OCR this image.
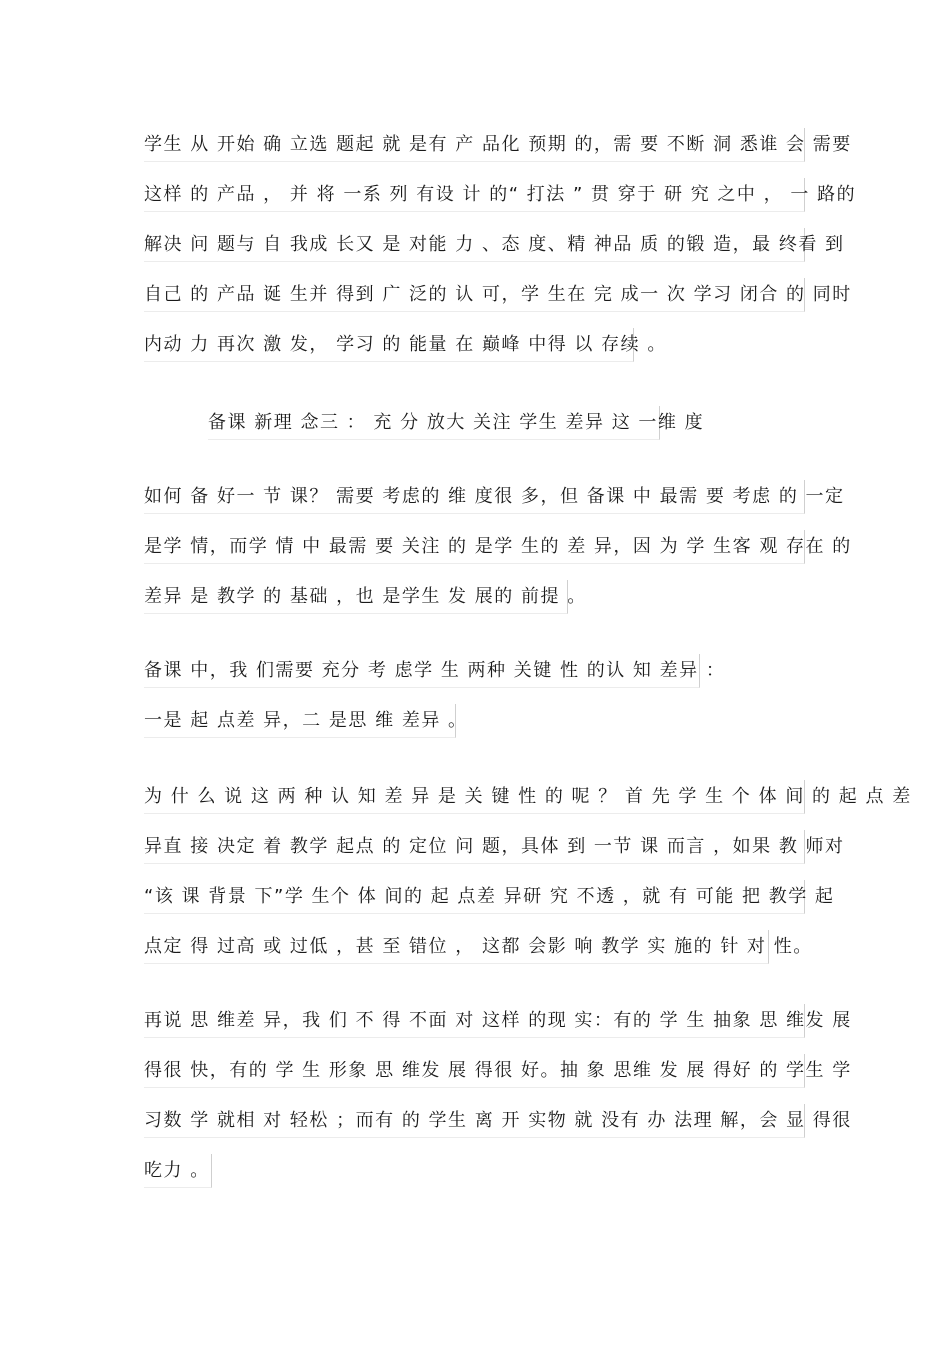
学生 从 开始 确 立选 题起 就 是有 产 品化 预期 的，需 要 不断 洞 悉谁 会 需要
这样 的 产品 ， 并 将 一系 列 有设 计 的“ 打法 ” 贯 穿于 研 究 之中 ， 一 路的
解决 问 题与 自 我成 长又 是 对能 力 、态 度、精 神品 质 的锻 造，最 终看 到
自己 的 产品 诞 生并 得到 广 泛的 认 可，学 生在 完 成一 次 学习 闭合 的 同时
内动 力 再次 激 发， 学习 的 能量 在 巅峰 中得 以 存续 。
备课 新理 念三 ： 充 分 放大 关注 学生 差异 这 一维 度
如何 备 好一 节 课？ 需要 考虑的 维 度很 多，但 备课 中 最需 要 考虑 的 一定
是学 情，而学 情 中 最需 要 关注 的 是学 生的 差 异，因 为 学 生客 观 存在 的
差异 是 教学 的 基础 ，也 是学生 发 展的 前提 。
备课 中，我 们需要 充分 考 虑学 生 两种 关键 性 的认 知 差异 ：
一是 起 点差 异，二 是思 维 差异 。
为 什 么 说 这 两 种 认 知 差 异 是 关 键 性 的 呢 ？ 首 先 学 生 个 体 间 的 起 点 差
异直 接 决定 着 教学 起点 的 定位 问 题，具体 到 一节 课 而言 ，如果 教 师对
“该 课 背景 下”学 生个 体 间的 起 点差 异研 究 不透 ，就 有 可能 把 教学 起
点定 得 过高 或 过低 ，甚 至 错位 ， 这都 会影 响 教学 实 施的 针 对 性。
再说 思 维差 异，我 们 不 得 不面 对 这样 的现 实：有的 学 生 抽象 思 维发 展
得很 快，有的 学 生 形象 思 维发 展 得很 好。抽 象 思维 发 展 得好 的 学生 学
习数 学 就相 对 轻松 ；而有 的 学生 离 开 实物 就 没有 办 法理 解，会 显 得很
吃力 。
